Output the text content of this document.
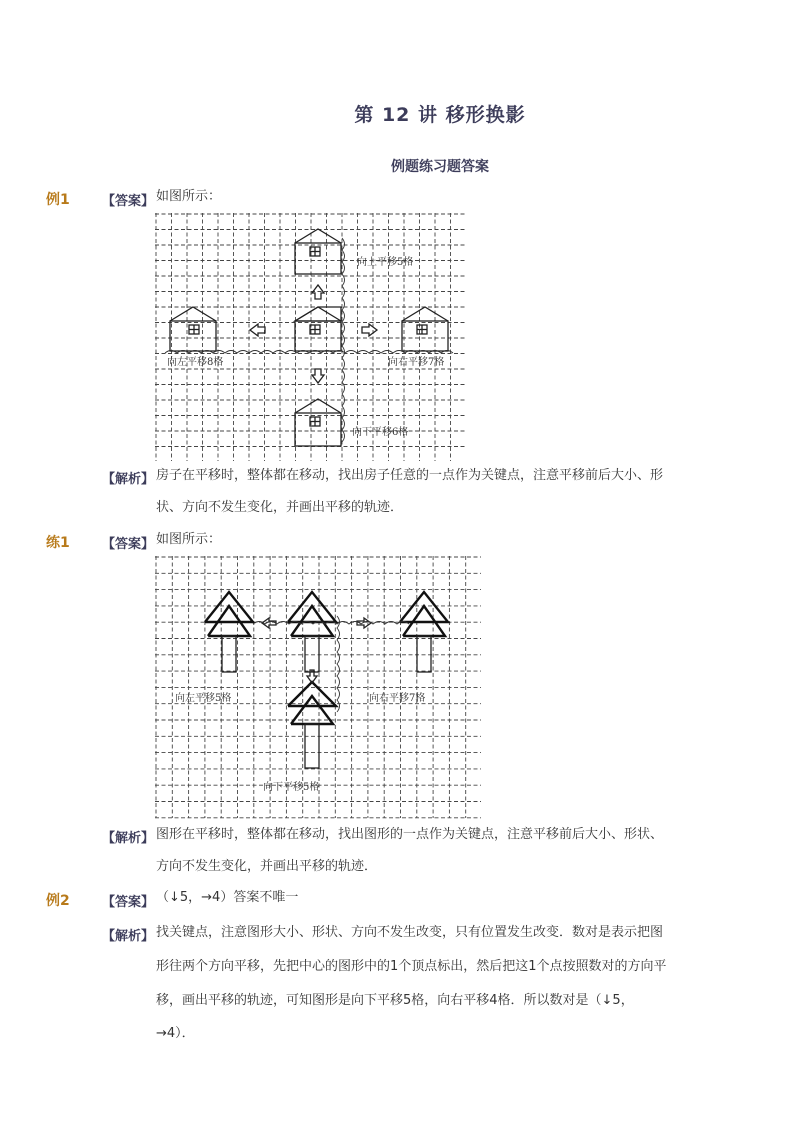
第 12 讲 移形换影
例题练习题答案
例1 【答案】 如图所示：
向上平移5格
向左平移8格	向右平移7格
向下平移6格
【解析】 房子在平移时，整体都在移动，找出房子任意的一点作为关键点，注意平移前后大小、形
状、方向不发生变化，并画出平移的轨迹．
练1 【答案】 如图所示：
向左平移5格	向右平移7格
向下平移5格
【解析】 图形在平移时，整体都在移动，找出图形的一点作为关键点，注意平移前后大小、形状、
方向不发生变化，并画出平移的轨迹．
例2 【答案】 （↓5，→4）答案不唯一
【解析】 找关键点，注意图形大小、形状、方向不发生改变，只有位置发生改变．数对是表示把图
形往两个方向平移，先把中心的图形中的1个顶点标出，然后把这1个点按照数对的方向平
移，画出平移的轨迹，可知图形是向下平移5格，向右平移4格．所以数对是（↓5，
→4）．
